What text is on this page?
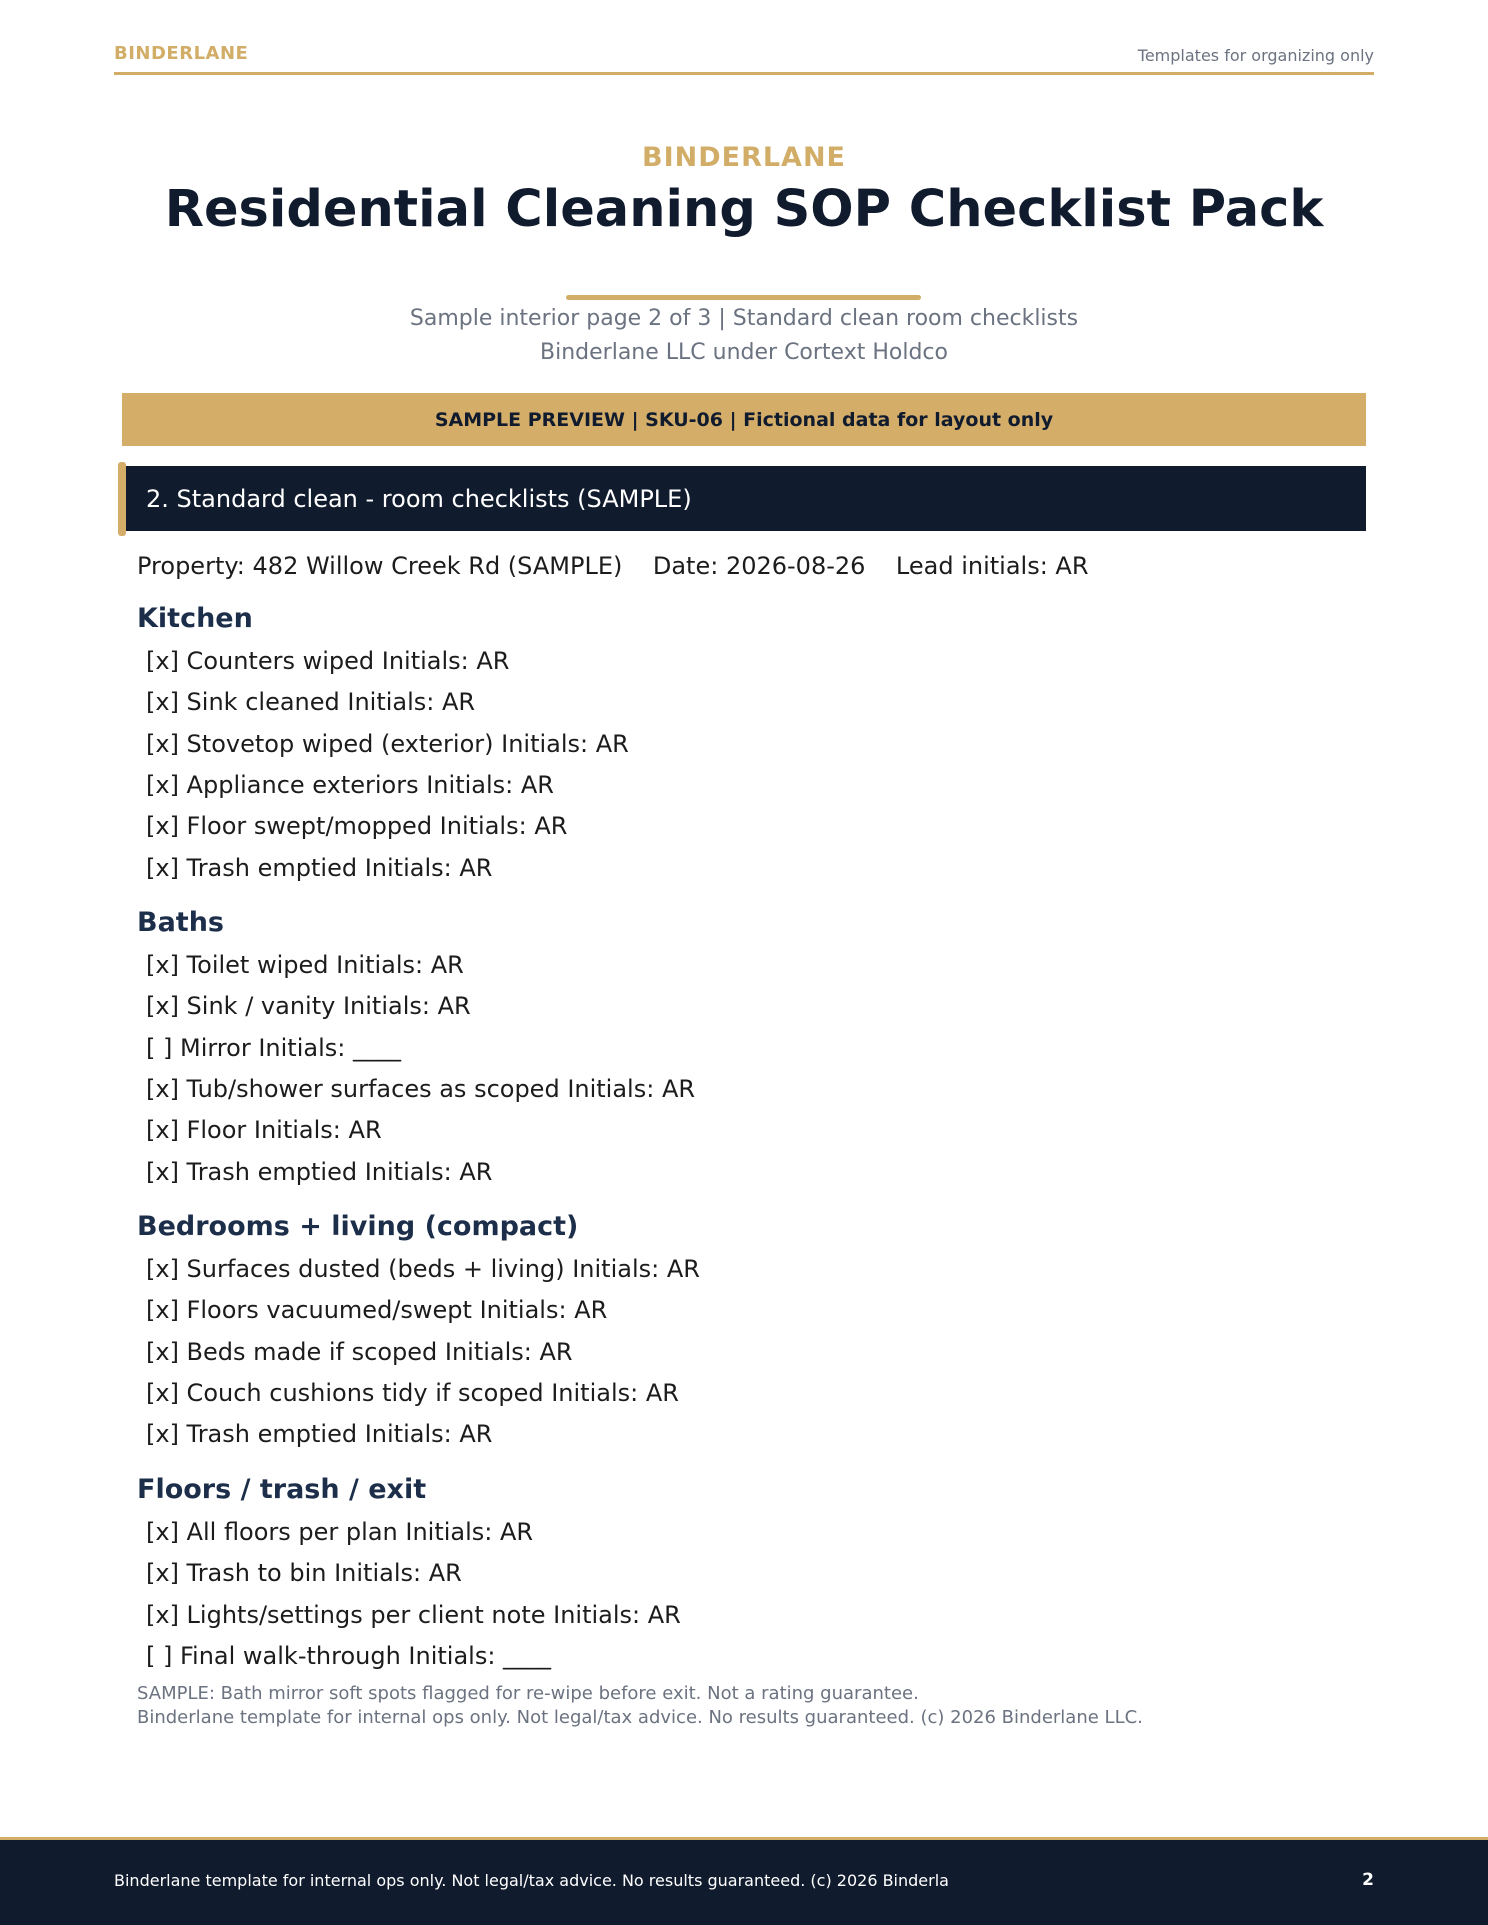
BINDERLANE	Templates for organizing only
BINDERLANE
Residential Cleaning SOP Checklist Pack
Sample interior page 2 of 3 | Standard clean room checklists
Binderlane LLC under Cortext Holdco
SAMPLE PREVIEW | SKU-06 | Fictional data for layout only
2. Standard clean - room checklists (SAMPLE)
Property: 482 Willow Creek Rd (SAMPLE)    Date: 2026-08-26    Lead initials: AR
Kitchen
[x] Counters wiped Initials: AR
[x] Sink cleaned Initials: AR
[x] Stovetop wiped (exterior) Initials: AR
[x] Appliance exteriors Initials: AR
[x] Floor swept/mopped Initials: AR
[x] Trash emptied Initials: AR
Baths
[x] Toilet wiped Initials: AR
[x] Sink / vanity Initials: AR
[ ] Mirror Initials: ____
[x] Tub/shower surfaces as scoped Initials: AR
[x] Floor Initials: AR
[x] Trash emptied Initials: AR
Bedrooms + living (compact)
[x] Surfaces dusted (beds + living) Initials: AR
[x] Floors vacuumed/swept Initials: AR
[x] Beds made if scoped Initials: AR
[x] Couch cushions tidy if scoped Initials: AR
[x] Trash emptied Initials: AR
Floors / trash / exit
[x] All floors per plan Initials: AR
[x] Trash to bin Initials: AR
[x] Lights/settings per client note Initials: AR
[ ] Final walk-through Initials: ____
SAMPLE: Bath mirror soft spots flagged for re-wipe before exit. Not a rating guarantee.
Binderlane template for internal ops only. Not legal/tax advice. No results guaranteed. (c) 2026 Binderlane LLC.
Binderlane template for internal ops only. Not legal/tax advice. No results guaranteed. (c) 2026 Binderla	2
